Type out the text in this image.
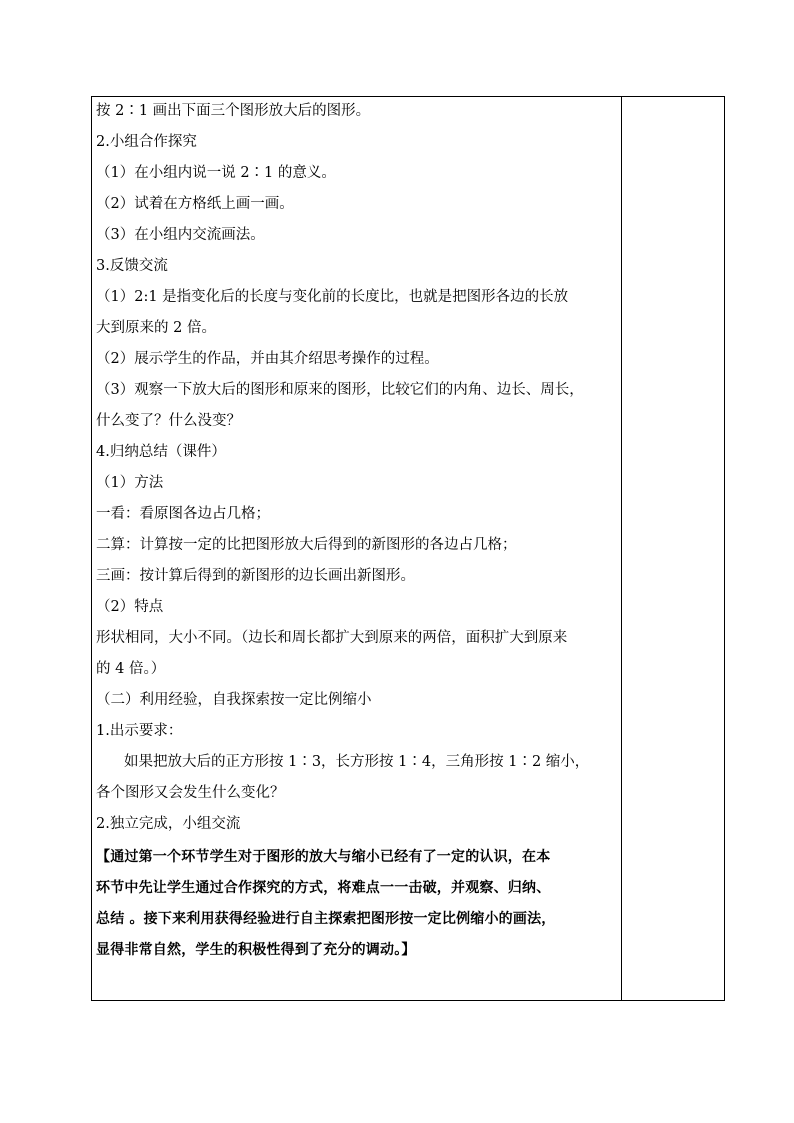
按 2∶1 画出下面三个图形放大后的图形。
2.小组合作探究
（1）在小组内说一说 2∶1 的意义。
（2）试着在方格纸上画一画。
（3）在小组内交流画法。
3.反馈交流
（1）2:1 是指变化后的长度与变化前的长度比，也就是把图形各边的长放
大到原来的 2 倍。
（2）展示学生的作品，并由其介绍思考操作的过程。
（3）观察一下放大后的图形和原来的图形，比较它们的内角、边长、周长，
什么变了？什么没变？
4.归纳总结（课件）
（1）方法
一看：看原图各边占几格；
二算：计算按一定的比把图形放大后得到的新图形的各边占几格；
三画：按计算后得到的新图形的边长画出新图形。
（2）特点
形状相同，大小不同。（边长和周长都扩大到原来的两倍，面积扩大到原来
的 4 倍。）
（二）利用经验，自我探索按一定比例缩小
1.出示要求：
如果把放大后的正方形按 1∶3，长方形按 1∶4，三角形按 1∶2 缩小，
各个图形又会发生什么变化？
2.独立完成，小组交流
【通过第一个环节学生对于图形的放大与缩小已经有了一定的认识，在本
环节中先让学生通过合作探究的方式，将难点一一击破，并观察、归纳、
总结 。接下来利用获得经验进行自主探索把图形按一定比例缩小的画法，
显得非常自然，学生的积极性得到了充分的调动。】
